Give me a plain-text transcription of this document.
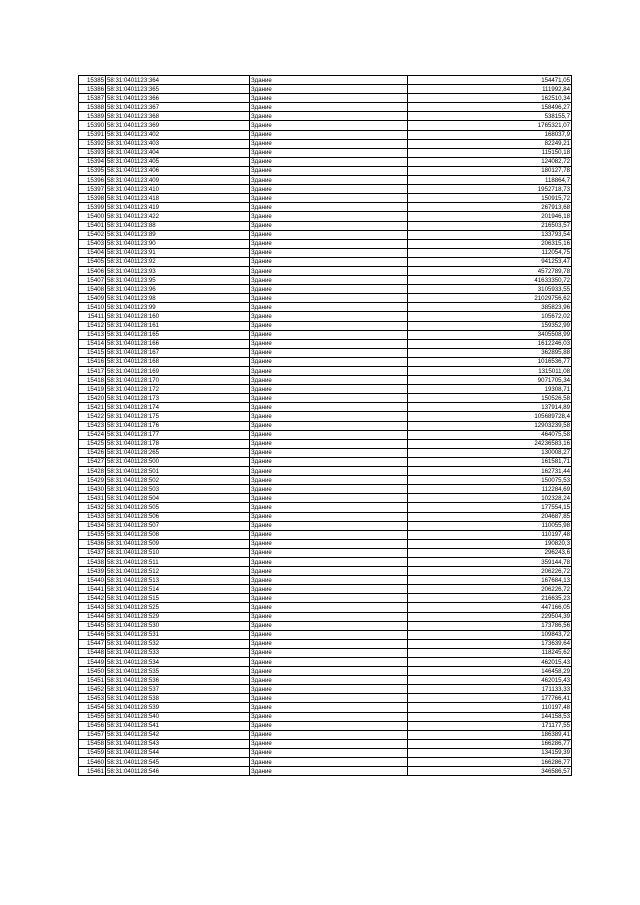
15385	58:31:0401123:364	Здание	154471,05
15386	58:31:0401123:365	Здание	111992,84
15387	58:31:0401123:366	Здание	162510,34
15388	58:31:0401123:367	Здание	158496,27
15389	58:31:0401123:368	Здание	538155,7
15390	58:31:0401123:369	Здание	1765321,07
15391	58:31:0401123:402	Здание	168037,9
15392	58:31:0401123:403	Здание	82249,21
15393	58:31:0401123:404	Здание	115150,18
15394	58:31:0401123:405	Здание	124082,72
15395	58:31:0401123:406	Здание	180127,78
15396	58:31:0401123:409	Здание	118864,7
15397	58:31:0401123:410	Здание	1952718,73
15398	58:31:0401123:418	Здание	150915,72
15399	58:31:0401123:419	Здание	267913,68
15400	58:31:0401123:422	Здание	201946,18
15401	58:31:0401123:88	Здание	216503,57
15402	58:31:0401123:89	Здание	133793,54
15403	58:31:0401123:90	Здание	206315,16
15404	58:31:0401123:91	Здание	112054,75
15405	58:31:0401123:92	Здание	941253,47
15406	58:31:0401123:93	Здание	4572789,78
15407	58:31:0401123:95	Здание	41633350,72
15408	58:31:0401123:96	Здание	3105933,55
15409	58:31:0401123:98	Здание	21029756,62
15410	58:31:0401123:99	Здание	385823,96
15411	58:31:0401128:160	Здание	105672,02
15412	58:31:0401128:161	Здание	159352,99
15413	58:31:0401128:165	Здание	3405508,99
15414	58:31:0401128:166	Здание	1612246,03
15415	58:31:0401128:167	Здание	362895,88
15416	58:31:0401128:168	Здание	1016536,77
15417	58:31:0401128:169	Здание	1315011,08
15418	58:31:0401128:170	Здание	9071705,34
15419	58:31:0401128:172	Здание	19308,71
15420	58:31:0401128:173	Здание	150526,58
15421	58:31:0401128:174	Здание	137914,89
15422	58:31:0401128:175	Здание	105689728,4
15423	58:31:0401128:176	Здание	12903239,58
15424	58:31:0401128:177	Здание	464075,58
15425	58:31:0401128:178	Здание	24236583,16
15426	58:31:0401128:265	Здание	130008,27
15427	58:31:0401128:500	Здание	161581,71
15428	58:31:0401128:501	Здание	162731,44
15429	58:31:0401128:502	Здание	150075,53
15430	58:31:0401128:503	Здание	112284,69
15431	58:31:0401128:504	Здание	102328,24
15432	58:31:0401128:505	Здание	177554,15
15433	58:31:0401128:506	Здание	204687,85
15434	58:31:0401128:507	Здание	110055,98
15435	58:31:0401128:508	Здание	110197,48
15436	58:31:0401128:509	Здание	190820,3
15437	58:31:0401128:510	Здание	296243,6
15438	58:31:0401128:511	Здание	359144,78
15439	58:31:0401128:512	Здание	206226,72
15440	58:31:0401128:513	Здание	167684,13
15441	58:31:0401128:514	Здание	206226,72
15442	58:31:0401128:515	Здание	216635,23
15443	58:31:0401128:525	Здание	447166,05
15444	58:31:0401128:529	Здание	229504,39
15445	58:31:0401128:530	Здание	173786,56
15446	58:31:0401128:531	Здание	109843,72
15447	58:31:0401128:532	Здание	173639,64
15448	58:31:0401128:533	Здание	118245,62
15449	58:31:0401128:534	Здание	462015,43
15450	58:31:0401128:535	Здание	146458,29
15451	58:31:0401128:536	Здание	462015,43
15452	58:31:0401128:537	Здание	171133,33
15453	58:31:0401128:538	Здание	177766,41
15454	58:31:0401128:539	Здание	110197,48
15455	58:31:0401128:540	Здание	144158,53
15456	58:31:0401128:541	Здание	171177,55
15457	58:31:0401128:542	Здание	186389,41
15458	58:31:0401128:543	Здание	166286,77
15459	58:31:0401128:544	Здание	134159,39
15460	58:31:0401128:545	Здание	166286,77
15461	58:31:0401128:546	Здание	346586,57
